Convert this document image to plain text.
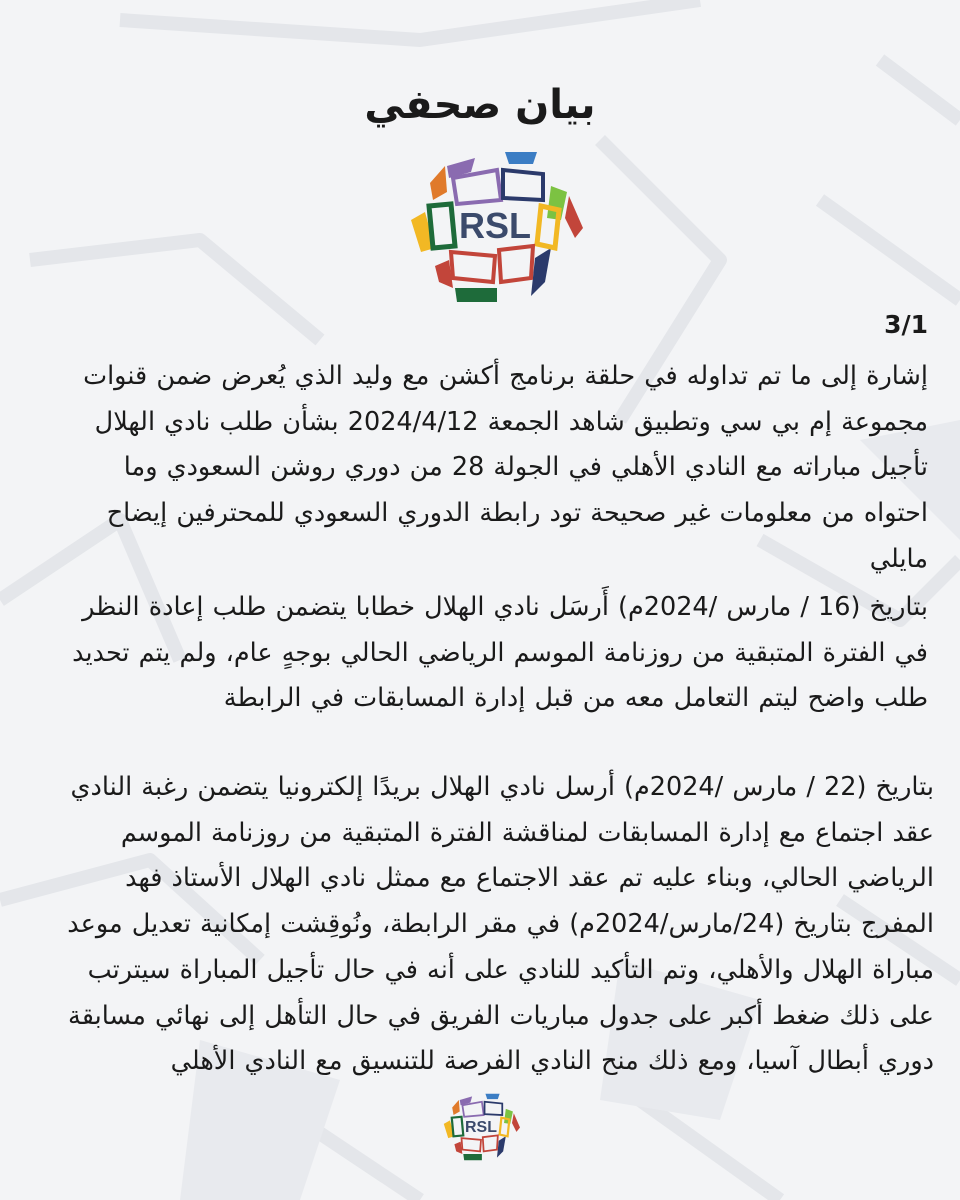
بيان صحفي
RSL
3/1

إشارة إلى ما تم تداوله في حلقة برنامج أكشن مع وليد الذي يُعرض ضمن قنوات مجموعة إم بي سي وتطبيق شاهد الجمعة 2024/4/12 بشأن طلب نادي الهلال تأجيل مباراته مع النادي الأهلي في الجولة 28 من دوري روشن السعودي وما احتواه من معلومات غير صحيحة تود رابطة الدوري السعودي للمحترفين إيضاح مايلي

بتاريخ (16 / مارس /2024م) أَرسَل نادي الهلال خطابا يتضمن طلب إعادة النظر في الفترة المتبقية من روزنامة الموسم الرياضي الحالي بوجهٍ عام، ولم يتم تحديد طلب واضح ليتم التعامل معه من قبل إدارة المسابقات في الرابطة

بتاريخ (22 / مارس /2024م) أرسل نادي الهلال بريدًا إلكترونيا يتضمن رغبة النادي عقد اجتماع مع إدارة المسابقات لمناقشة الفترة المتبقية من روزنامة الموسم الرياضي الحالي، وبناء عليه تم عقد الاجتماع مع ممثل نادي الهلال الأستاذ فهد المفرج بتاريخ (24/مارس/2024م) في مقر الرابطة، ونُوقِشت إمكانية تعديل موعد مباراة الهلال والأهلي، وتم التأكيد للنادي على أنه في حال تأجيل المباراة سيترتب على ذلك ضغط أكبر على جدول مباريات الفريق في حال التأهل إلى نهائي مسابقة دوري أبطال آسيا، ومع ذلك منح النادي الفرصة للتنسيق مع النادي الأهلي

RSL
